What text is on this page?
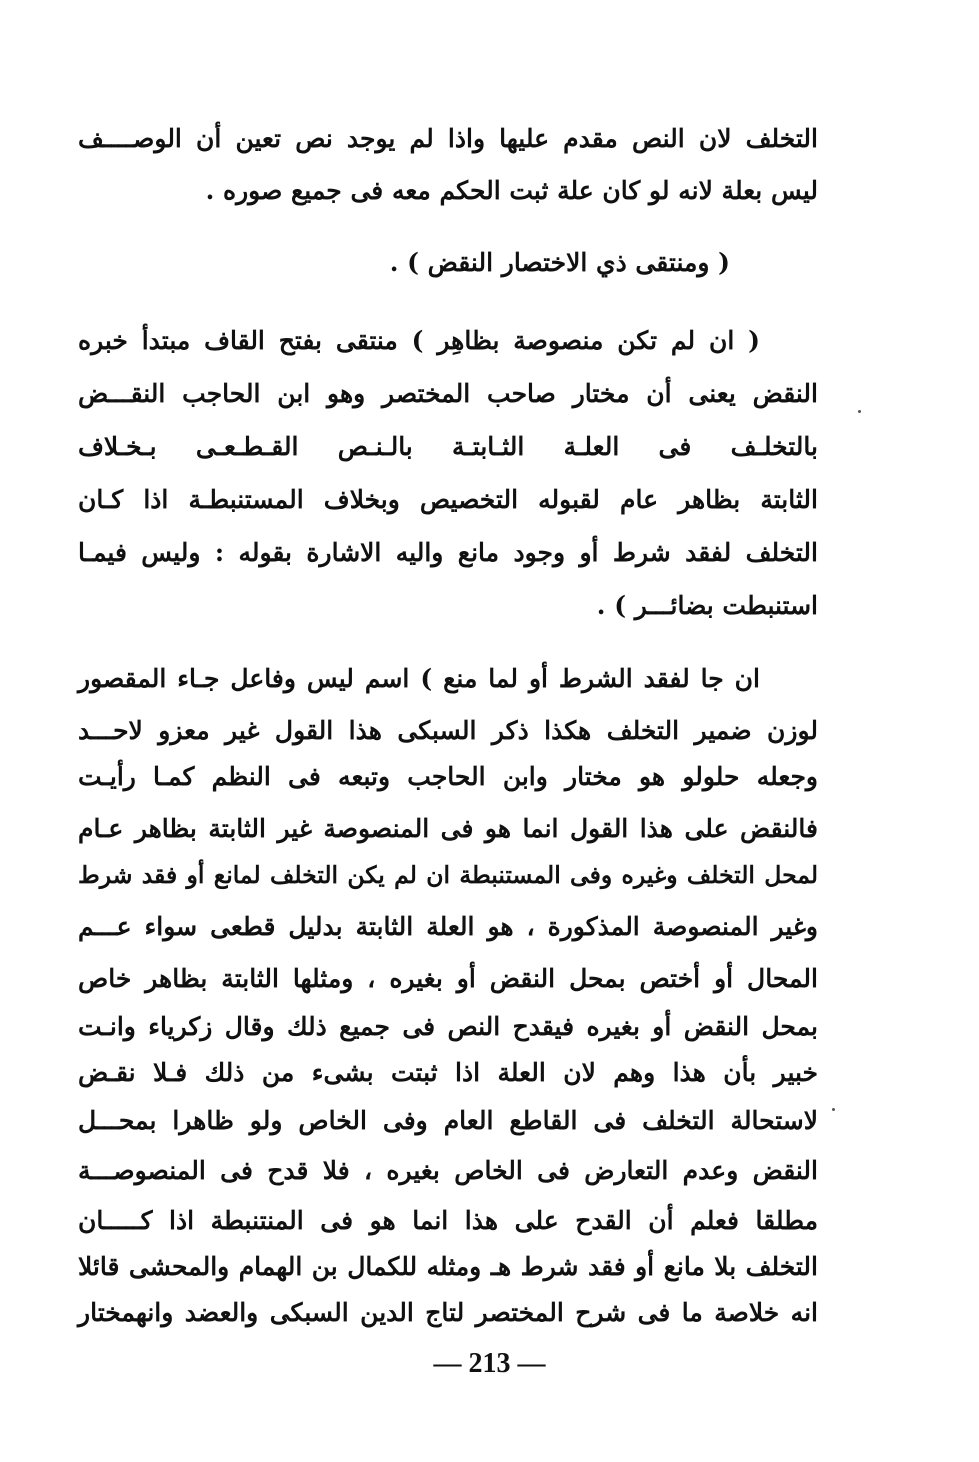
التخلف لان النص مقدم عليها واذا لم يوجد نص تعين أن الوصــــف
ليس بعلة لانه لو كان علة ثبت الحكم معه فى جميع صوره .
( ومنتقى ذي الاختصار النقض ) .
( ان لم تكن منصوصة بظاهِر ) منتقى بفتح القاف مبتدأ خبره
النقض يعنى أن مختار صاحب المختصر وهو ابن الحاجب النقـــض
بالتخلـف فى العلـة الثـابتـة بالـنـص القـطـعـى بـخـلاف
الثابتة بظاهر عام لقبوله التخصيص وبخلاف المستنبطـة اذا كـان
التخلف لفقد شرط أو وجود مانع واليه الاشارة بقوله : وليس فيمـا
استنبطت بضائـــر ) .
ان جا لفقد الشرط أو لما منع ) اسم ليس وفاعل جـاء المقصور
لوزن ضمير التخلف هكذا ذكر السبكى هذا القول غير معزو لاحـــد
وجعله حلولو هو مختار وابن الحاجب وتبعه فى النظم كمـا رأيـت
فالنقض على هذا القول انما هو فى المنصوصة غير الثابتة بظاهر عـام
لمحل التخلف وغيره وفى المستنبطة ان لم يكن التخلف لمانع أو فقد شرط
وغير المنصوصة المذكورة ، هو العلة الثابتة بدليل قطعى سواء عـــم
المحال أو أختص بمحل النقض أو بغيره ، ومثلها الثابتة بظاهر خاص
بمحل النقض أو بغيره فيقدح النص فى جميع ذلك وقال زكرياء وانـت
خبير بأن هذا وهم لان العلة اذا ثبتت بشىء من ذلك فـلا نقـض
لاستحالة التخلف فى القاطع العام وفى الخاص ولو ظاهرا بمحـــل
النقض وعدم التعارض فى الخاص بغيره ، فلا قدح فى المنصوصـــة
مطلقا فعلم أن القدح على هذا انما هو فى المنتنبطة اذا كـــــان
التخلف بلا مانع أو فقد شرط هـ ومثله للكمال بن الهمام والمحشى قائلا
انه خلاصة ما فى شرح المختصر لتاج الدين السبكى والعضد وانهمختار
— 213 —
